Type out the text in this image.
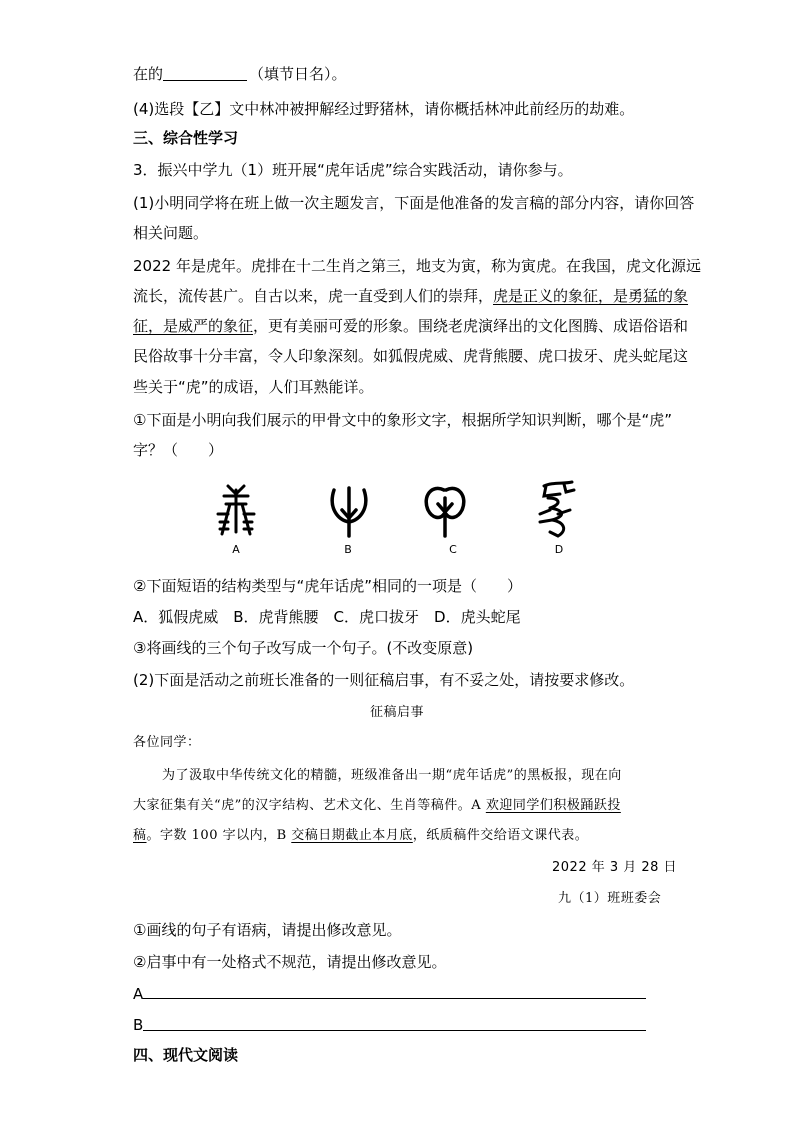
在的	（填节日名）。
(4)选段【乙】文中林冲被押解经过野猪林，请你概括林冲此前经历的劫难。
三、综合性学习
3．振兴中学九（1）班开展“虎年话虎”综合实践活动，请你参与。
(1)小明同学将在班上做一次主题发言，下面是他准备的发言稿的部分内容，请你回答
相关问题。
2022 年是虎年。虎排在十二生肖之第三，地支为寅，称为寅虎。在我国，虎文化源远
流长，流传甚广。自古以来，虎一直受到人们的崇拜，虎是正义的象征，是勇猛的象
征，是威严的象征，更有美丽可爱的形象。围绕老虎演绎出的文化图腾、成语俗语和
民俗故事十分丰富，令人印象深刻。如狐假虎威、虎背熊腰、虎口拔牙、虎头蛇尾这
些关于“虎”的成语，人们耳熟能详。
①下面是小明向我们展示的甲骨文中的象形文字，根据所学知识判断，哪个是“虎”
字？（　　）
A	B	C	D
②下面短语的结构类型与“虎年话虎”相同的一项是（　　）
A．狐假虎威　B．虎背熊腰　C．虎口拔牙　D．虎头蛇尾
③将画线的三个句子改写成一个句子。(不改变原意)
(2)下面是活动之前班长准备的一则征稿启事，有不妥之处，请按要求修改。
征稿启事
各位同学：
为了汲取中华传统文化的精髓，班级准备出一期“虎年话虎”的黑板报，现在向
大家征集有关“虎”的汉字结构、艺术文化、生肖等稿件。A 欢迎同学们积极踊跃投
稿。字数 100 字以内，B 交稿日期截止本月底，纸质稿件交给语文课代表。
2022 年 3 月 28 日
九（1）班班委会
①画线的句子有语病，请提出修改意见。
②启事中有一处格式不规范，请提出修改意见。
A
B
四、现代文阅读
